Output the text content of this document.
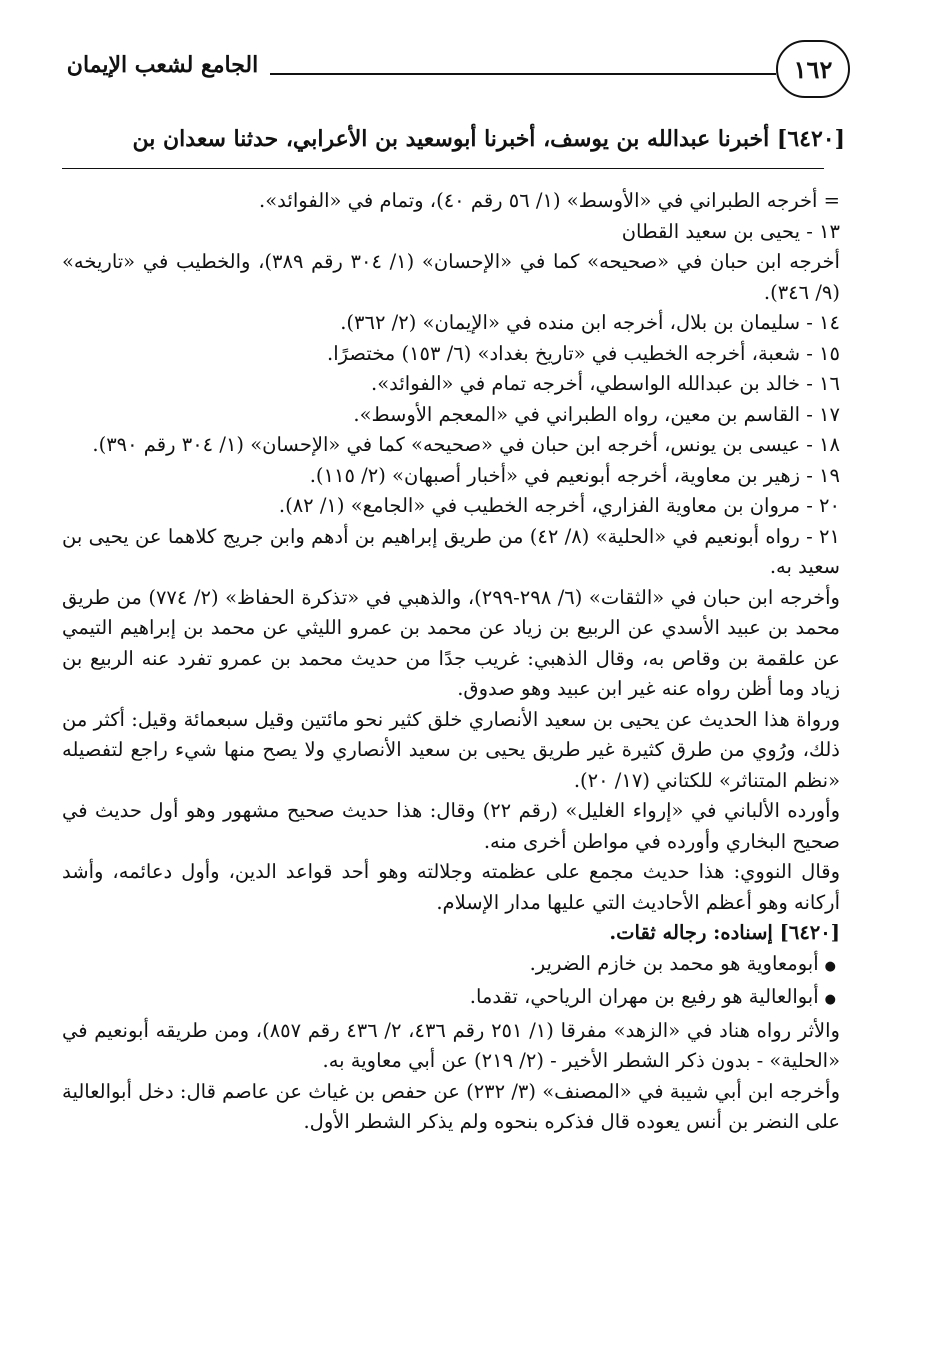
١٦٢
الجامع لشعب الإيمان
[٦٤٢٠] أخبرنا عبدالله بن يوسف، أخبرنا أبوسعيد بن الأعرابي، حدثنا سعدان بن

= أخرجه الطبراني في «الأوسط» (١/ ٥٦ رقم ٤٠)، وتمام في «الفوائد».

١٣ - يحيى بن سعيد القطان

أخرجه ابن حبان في «صحيحه» كما في «الإحسان» (١/ ٣٠٤ رقم ٣٨٩)، والخطيب في «تاريخه» (٩/ ٣٤٦).

١٤ - سليمان بن بلال، أخرجه ابن منده في «الإيمان» (٢/ ٣٦٢).

١٥ - شعبة، أخرجه الخطيب في «تاريخ بغداد» (٦/ ١٥٣) مختصرًا.

١٦ - خالد بن عبدالله الواسطي، أخرجه تمام في «الفوائد».

١٧ - القاسم بن معين، رواه الطبراني في «المعجم الأوسط».

١٨ - عيسى بن يونس، أخرجه ابن حبان في «صحيحه» كما في «الإحسان» (١/ ٣٠٤ رقم ٣٩٠).

١٩ - زهير بن معاوية، أخرجه أبونعيم في «أخبار أصبهان» (٢/ ١١٥).

٢٠ - مروان بن معاوية الفزاري، أخرجه الخطيب في «الجامع» (١/ ٨٢).

٢١ - رواه أبونعيم في «الحلية» (٨/ ٤٢) من طريق إبراهيم بن أدهم وابن جريج كلاهما عن يحيى بن سعيد به.

وأخرجه ابن حبان في «الثقات» (٦/ ٢٩٨-٢٩٩)، والذهبي في «تذكرة الحفاظ» (٢/ ٧٧٤) من طريق محمد بن عبيد الأسدي عن الربيع بن زياد عن محمد بن عمرو الليثي عن محمد بن إبراهيم التيمي عن علقمة بن وقاص به، وقال الذهبي: غريب جدًا من حديث محمد بن عمرو تفرد عنه الربيع بن زياد وما أظن رواه عنه غير ابن عبيد وهو صدوق.

ورواة هذا الحديث عن يحيى بن سعيد الأنصاري خلق كثير نحو مائتين وقيل سبعمائة وقيل: أكثر من ذلك، ورُوي من طرق كثيرة غير طريق يحيى بن سعيد الأنصاري ولا يصح منها شيء راجع لتفصيله «نظم المتناثر» للكتاني (١٧/ ٢٠).

وأورده الألباني في «إرواء الغليل» (رقم ٢٢) وقال: هذا حديث صحيح مشهور وهو أول حديث في صحيح البخاري وأورده في مواطن أخرى منه.

وقال النووي: هذا حديث مجمع على عظمته وجلالته وهو أحد قواعد الدين، وأول دعائمه، وأشد أركانه وهو أعظم الأحاديث التي عليها مدار الإسلام.

[٦٤٢٠] إسناده: رجاله ثقات.

● أبومعاوية هو محمد بن خازم الضرير.

● أبوالعالية هو رفيع بن مهران الرياحي، تقدما.

والأثر رواه هناد في «الزهد» مفرقا (١/ ٢٥١ رقم ٤٣٦، ٢/ ٤٣٦ رقم ٨٥٧)، ومن طريقه أبونعيم في «الحلية» - بدون ذكر الشطر الأخير - (٢/ ٢١٩) عن أبي معاوية به.

وأخرجه ابن أبي شيبة في «المصنف» (٣/ ٢٣٢) عن حفص بن غياث عن عاصم قال: دخل أبوالعالية على النضر بن أنس يعوده قال فذكره بنحوه ولم يذكر الشطر الأول.
